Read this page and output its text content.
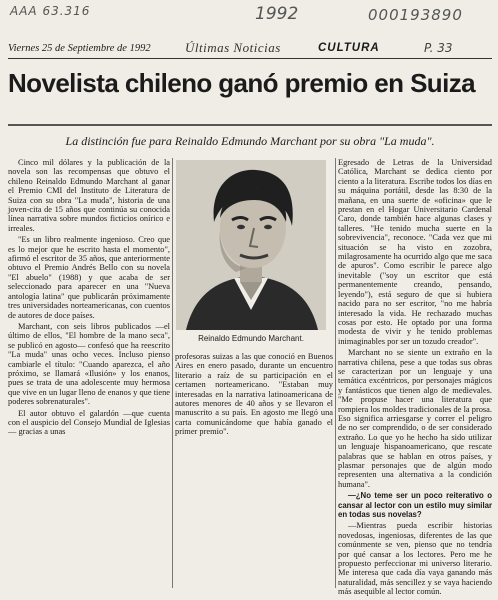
AAA 63.316	1992	000193890
Viernes 25 de Septiembre de 1992	Últimas Noticias	CULTURA	P. 33
Novelista chileno ganó premio en Suiza
La distinción fue para Reinaldo Edmundo Marchant por su obra "La muda".

Cinco mil dólares y la publicación de la novela son las recompensas que obtuvo el chileno Reinaldo Edmundo Marchant al ganar el Premio CMI del Instituto de Literatura de Suiza con su obra "La muda", historia de una joven-cita de 15 años que continúa su conocida línea narrativa sobre mundos ficticios onírico e irreales.

"Es un libro realmente ingenioso. Creo que es lo mejor que he escrito hasta el momento", afirmó el escritor de 35 años, que anteriormente obtuvo el Premio Andrés Bello con su novela "El abuelo" (1988) y que acaba de ser seleccionado para aparecer en una "Nueva antología latina" que publicarán próximamente tres universidades norteamericanas, con cuentos de autores de doce países.

Marchant, con seis libros publicados —el último de ellos, "El hombre de la mano seca", se publicó en agosto— confesó que ha reescrito "La muda" unas ocho veces. Incluso pienso cambiarle el título: "Cuando aparezca, el año próximo, se llamará «Ilusión» y los enanos, pues se trata de una adolescente muy hermosa que vive en un lugar lleno de enanos y que tiene poderes sobrenaturales".

El autor obtuvo el galardón —que cuenta con el auspicio del Consejo Mundial de Iglesias— gracias a unas

Reinaldo Edmundo Marchant.

profesoras suizas a las que conoció en Buenos Aires en enero pasado, durante un encuentro literario a raíz de su participación en el certamen norteamericano. "Estaban muy interesadas en la narrativa latinoamericana de autores menores de 40 años y se llevaron el manuscrito a su país. En agosto me llegó una carta comunicándome que había ganado el primer premio".

Egresado de Letras de la Universidad Católica, Marchant se dedica ciento por ciento a la literatura. Escribe todos los días en su máquina portátil, desde las 8:30 de la mañana, en una suerte de «oficina» que le prestan en el Hogar Universitario Cardenal Caro, donde también hace algunas clases y talleres. "He tenido mucha suerte en la sobrevivencia", reconoce. "Cada vez que mi situación se ha visto en zozobra, milagrosamente ha ocurrido algo que me saca de apuros". Como escribir le parece algo inevitable ("soy un escritor que está permanentemente creando, pensando, leyendo"), está seguro de que si hubiera nacido para no ser escritor, "no me habría interesado la vida. He rechazado muchas cosas por esto. He optado por una forma modesta de vivir y he tenido problemas inimaginables por ser un tozudo creador".

Marchant no se siente un extraño en la narrativa chilena, pese a que todas sus obras se caracterizan por un lenguaje y una temática excéntricos, por personajes mágicos y fantásticos que tienen algo de medievales. "Me propuse hacer una literatura que rompiera los moldes tradicionales de la prosa. Eso significa arriesgarse y correr el peligro de no ser comprendido, o de ser considerado extraño. Lo que yo he hecho ha sido utilizar un lenguaje hispanoamericano, que rescate palabras que se hablan en otros países, y plasmar personajes que de algún modo representen una alternativa a la condición humana".

—¿No teme ser un poco reiterativo o cansar al lector con un estilo muy similar en todas sus novelas?

—Mientras pueda escribir historias novedosas, ingeniosas, diferentes de las que comúnmente se ven, pienso que no tendría por qué cansar a los lectores. Pero me he propuesto perfeccionar mi universo literario. Me interesa que cada día vaya ganando más naturalidad, más sencillez y se vaya haciendo más asequible al lector común.
